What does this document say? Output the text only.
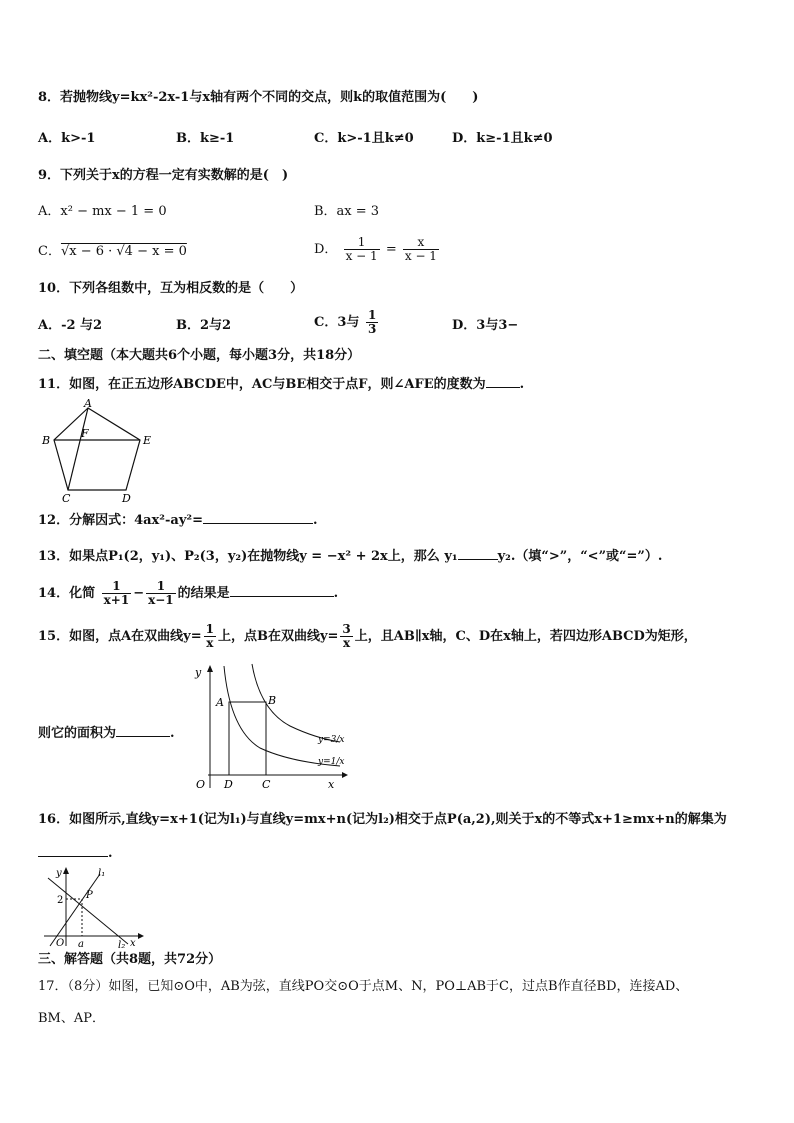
8．若抛物线y=kx²-2x-1与x轴有两个不同的交点，则k的取值范围为(　　)
A．k>-1	B．k≥-1	C．k>-1且k≠0	D．k≥-1且k≠0
9．下列关于x的方程一定有实数解的是(　)
A．x² − mx − 1 = 0	B．ax = 3
C．√x − 6 · √4 − x = 0	D． $\frac{1}{x - 1} = \frac{x}{x - 1}$
10．下列各组数中，互为相反数的是（　　）
A．-2 与2	B．2与2	C．3与 $\frac{1}{3}$	D．3与3−
二、填空题（本大题共6个小题，每小题3分，共18分）
11．如图，在正五边形ABCDE中，AC与BE相交于点F，则∠AFE的度数为	.
A
B	E
F
C	D
12．分解因式：4ax²-ay²=	.
13．如果点P₁(2，y₁)、P₂(3，y₂)在抛物线y = −x² + 2x上，那么 y₁	y₂.（填“>”，“<”或“=”）.
14．化简 $\frac{1}{x+1} - \frac{1}{x-1}$ 的结果是	.
15．如图，点A在双曲线$y= \frac{1}{x}$ 上，点B在双曲线$y= \frac{3}{x}$ 上，且AB∥x轴，C、D在x轴上，若四边形ABCD为矩形，
则它的面积为	.
y
x
O
A	B
C
D
y=3/x
y=1/x
16．如图所示,直线y=x+1(记为l₁)与直线y=mx+n(记为l₂)相交于点P(a,2),则关于x的不等式x+1≥mx+n的解集为
.
y
x
O a
2 P
l₁
l₂
三、解答题（共8题，共72分）
17．（8分）如图，已知⊙O中，AB为弦，直线PO交⊙O于点M、N，PO⊥AB于C，过点B作直径BD，连接AD、
BM、AP．
